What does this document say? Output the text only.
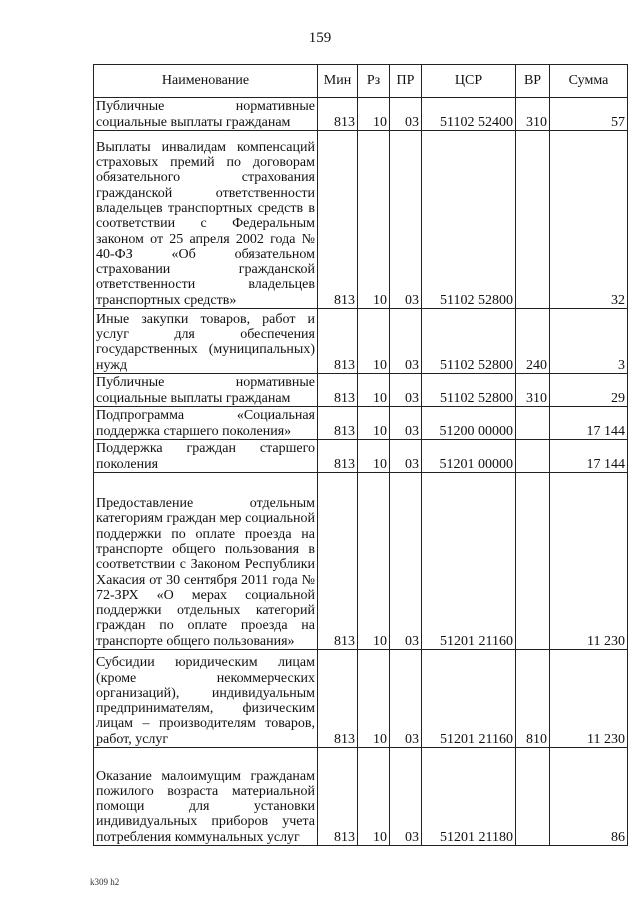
159
Наименование	Мин	Рз	ПР	ЦСР	ВР	Сумма
Публичные нормативные социальные выплаты гражданам	813	10	03	51102 52400	310	57
Выплаты инвалидам компенсаций страховых премий по договорам обязательного страхования гражданской ответственности владельцев транспортных средств в соответствии с Федеральным законом от 25 апреля 2002 года № 40-ФЗ «Об обязательном страховании гражданской ответственности владельцев транспортных средств»	813	10	03	51102 52800		32
Иные закупки товаров, работ и услуг для обеспечения государственных (муниципальных) нужд	813	10	03	51102 52800	240	3
Публичные нормативные социальные выплаты гражданам	813	10	03	51102 52800	310	29
Подпрограмма «Социальная поддержка старшего поколения»	813	10	03	51200 00000		17 144
Поддержка граждан старшего поколения	813	10	03	51201 00000		17 144
Предоставление отдельным категориям граждан мер социальной поддержки по оплате проезда на транспорте общего пользования в соответствии с Законом Республики Хакасия от 30 сентября 2011 года № 72-ЗРХ «О мерах социальной поддержки отдельных категорий граждан по оплате проезда на транспорте общего пользования»	813	10	03	51201 21160		11 230
Субсидии юридическим лицам (кроме некоммерческих организаций), индивидуальным предпринимателям, физическим лицам – производителям товаров, работ, услуг	813	10	03	51201 21160	810	11 230
Оказание малоимущим гражданам пожилого возраста материальной помощи для установки индивидуальных приборов учета потребления коммунальных услуг	813	10	03	51201 21180		86
k309 h2
